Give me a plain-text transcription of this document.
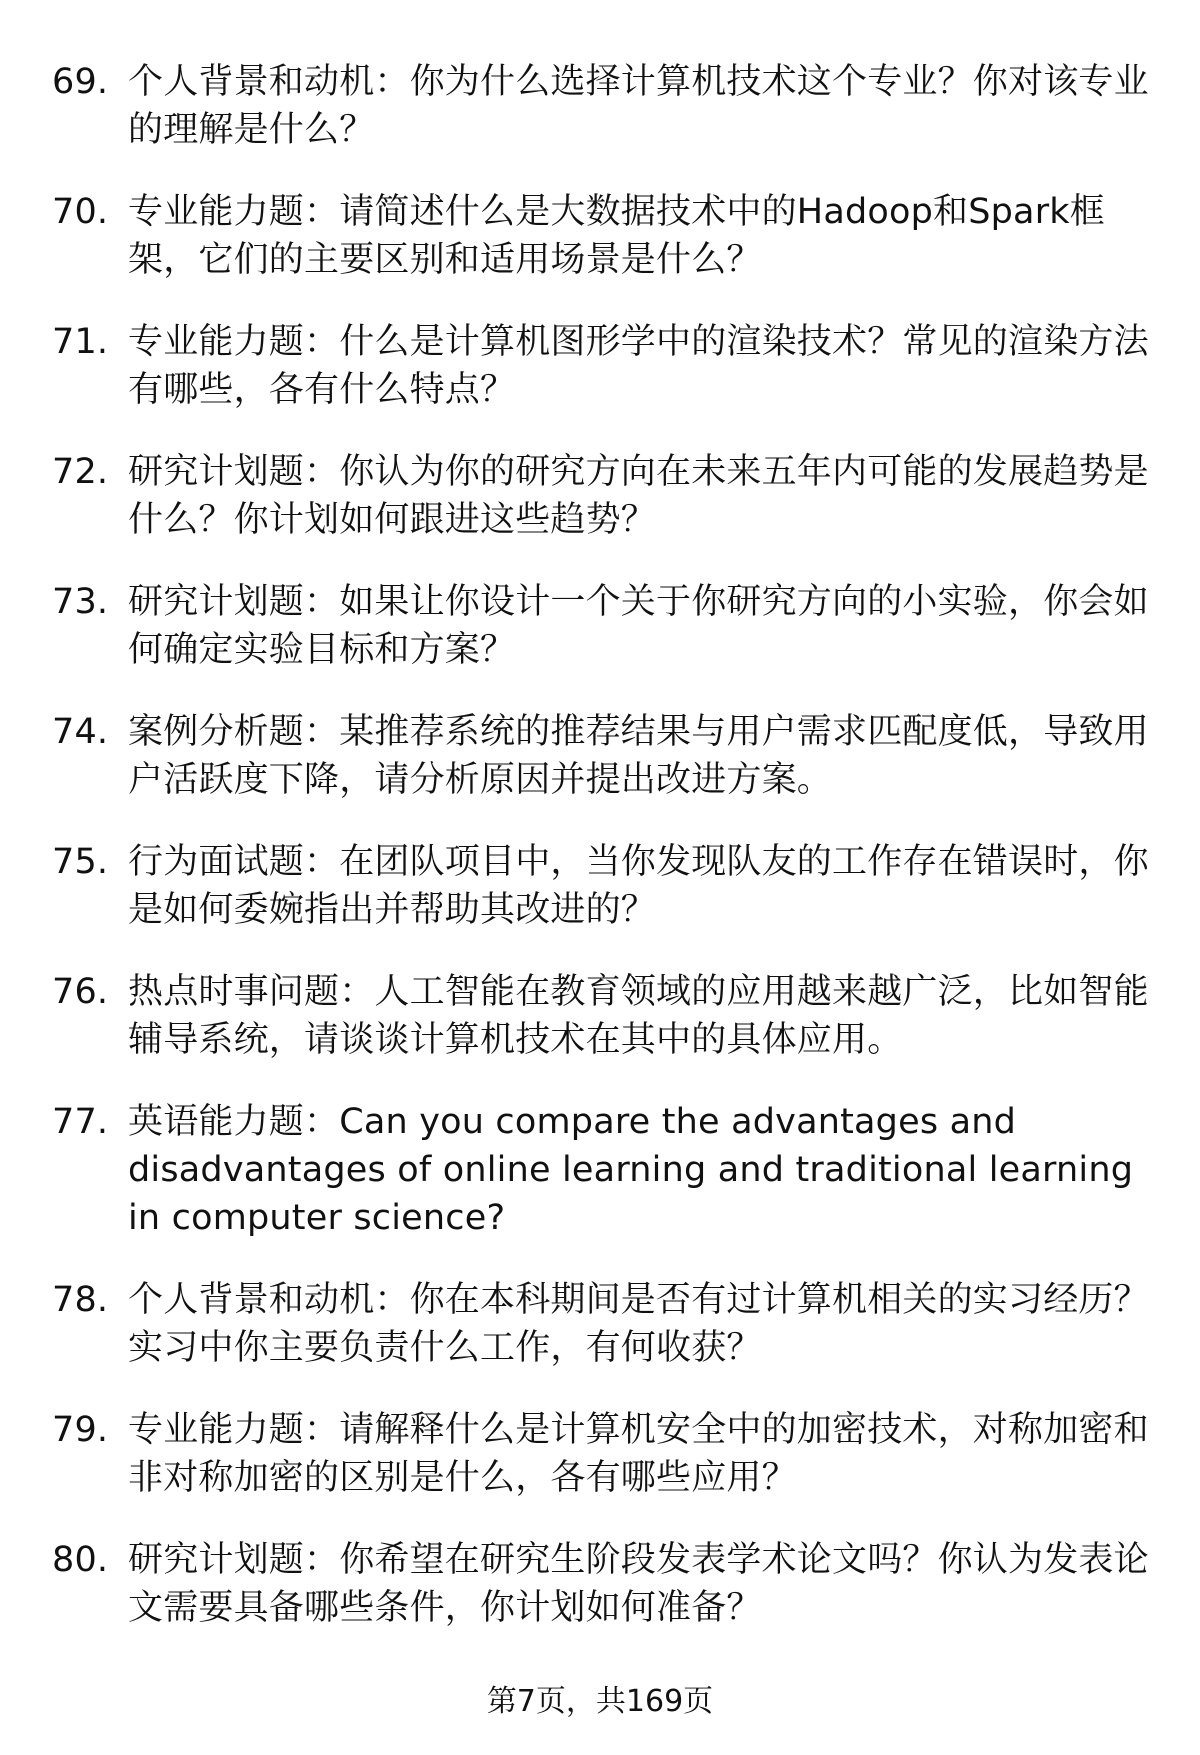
69. 个人背景和动机：你为什么选择计算机技术这个专业？你对该专业的理解是什么？
70. 专业能力题：请简述什么是大数据技术中的Hadoop和Spark框架，它们的主要区别和适用场景是什么？
71. 专业能力题：什么是计算机图形学中的渲染技术？常见的渲染方法有哪些，各有什么特点？
72. 研究计划题：你认为你的研究方向在未来五年内可能的发展趋势是什么？你计划如何跟进这些趋势？
73. 研究计划题：如果让你设计一个关于你研究方向的小实验，你会如何确定实验目标和方案？
74. 案例分析题：某推荐系统的推荐结果与用户需求匹配度低，导致用户活跃度下降，请分析原因并提出改进方案。
75. 行为面试题：在团队项目中，当你发现队友的工作存在错误时，你是如何委婉指出并帮助其改进的？
76. 热点时事问题：人工智能在教育领域的应用越来越广泛，比如智能辅导系统，请谈谈计算机技术在其中的具体应用。
77. 英语能力题：Can you compare the advantages and disadvantages of online learning and traditional learning in computer science?
78. 个人背景和动机：你在本科期间是否有过计算机相关的实习经历？实习中你主要负责什么工作，有何收获？
79. 专业能力题：请解释什么是计算机安全中的加密技术，对称加密和非对称加密的区别是什么，各有哪些应用？
80. 研究计划题：你希望在研究生阶段发表学术论文吗？你认为发表论文需要具备哪些条件，你计划如何准备？
第7页，共169页
